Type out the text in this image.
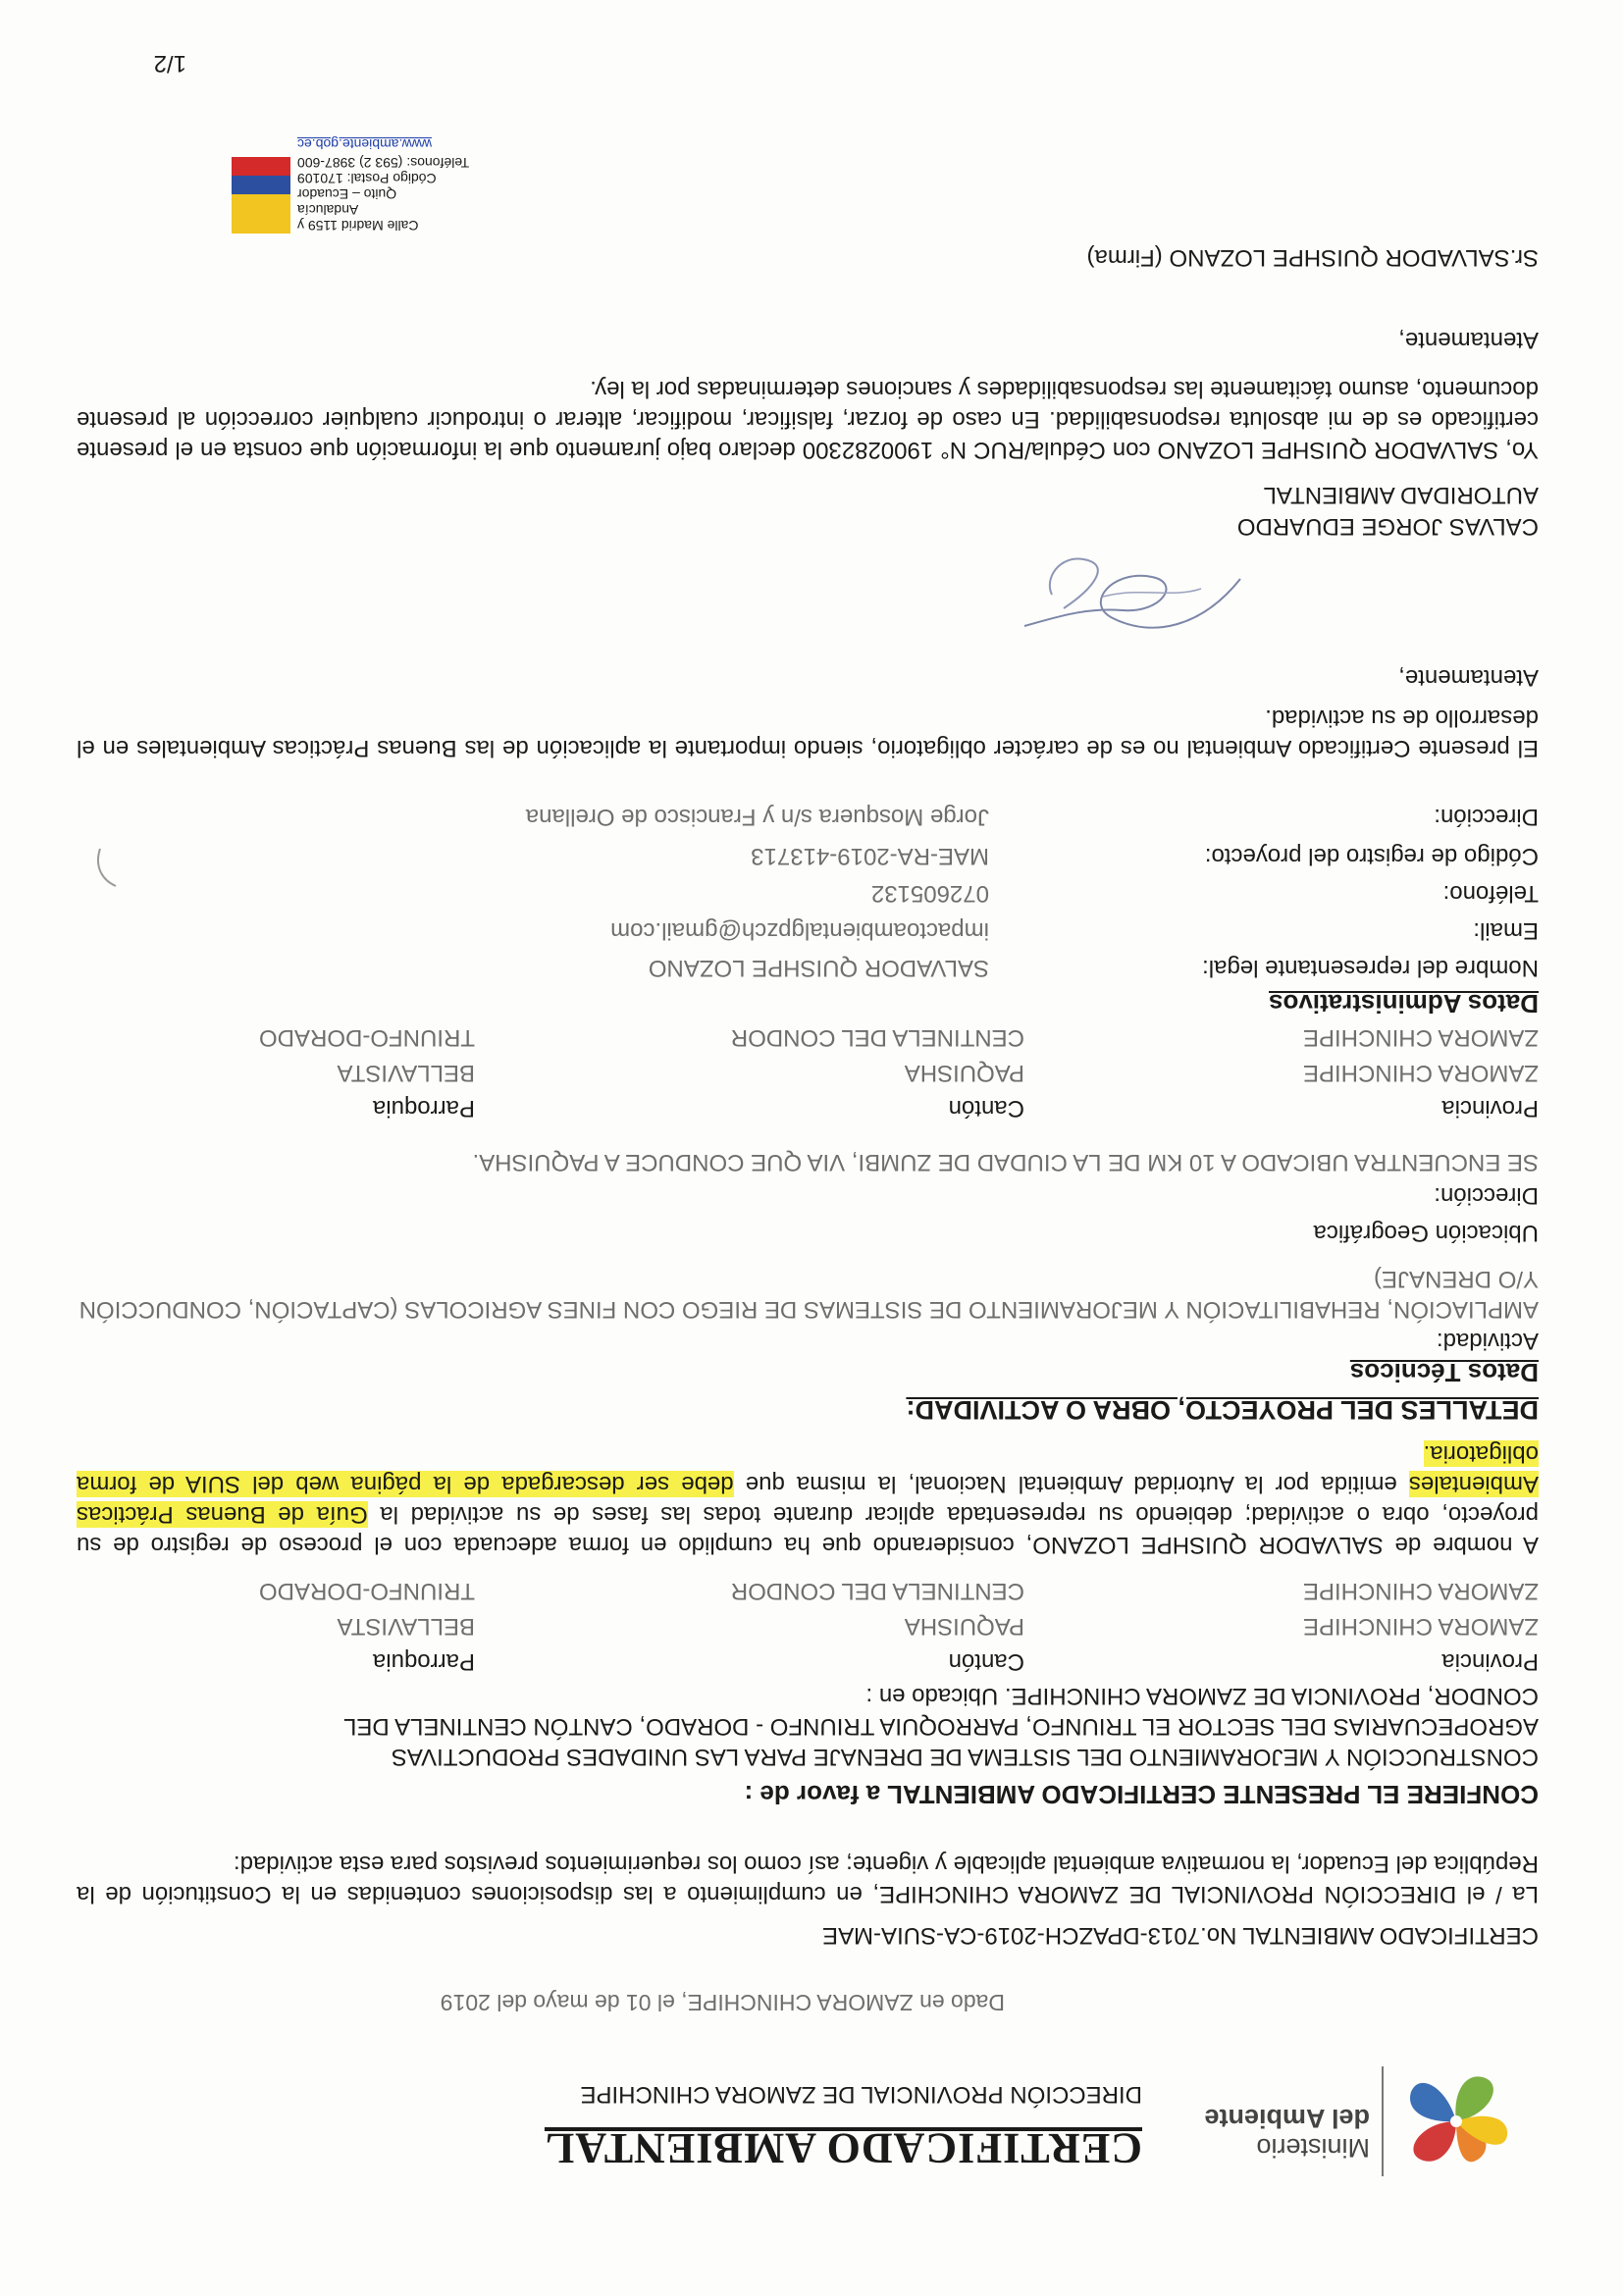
Ministerio
del Ambiente
CERTIFICADO AMBIENTAL
DIRECCIÓN PROVINCIAL DE ZAMORA CHINCHIPE
Dado en ZAMORA CHINCHIPE, el 01 de mayo del 2019
CERTIFICADO AMBIENTAL No.7013-DPAZCH-2019-CA-SUIA-MAE
La / el DIRECCIÓN PROVINCIAL DE ZAMORA CHINCHIPE, en cumplimiento a las disposiciones contenidas en la Constitución de la República del Ecuador, la normativa ambiental aplicable y vigente; así como los requerimientos previstos para esta actividad:
CONFIERE EL PRESENTE CERTIFICADO AMBIENTAL a favor de :
CONSTRUCCIÓN Y MEJORAMIENTO DEL SISTEMA DE DRENAJE PARA LAS UNIDADES PRODUCTIVAS AGROPECUARIAS DEL SECTOR EL TRIUNFO, PARROQUIA TRIUNFO - DORADO, CANTÓN CENTINELA DEL CONDOR, PROVINCIA DE ZAMORA CHINCHIPE. Ubicado en :
Provincia
Cantón
Parroquia
ZAMORA CHINCHIPE
PAQUISHA
BELLAVISTA
ZAMORA CHINCHIPE
CENTINELA DEL CONDOR
TRIUNFO-DORADO
A nombre de SALVADOR QUISHPE LOZANO, considerando que ha cumplido en forma adecuada con el proceso de registro de su proyecto, obra o actividad; debiendo su representada aplicar durante todas las fases de su actividad la Guía de Buenas Prácticas Ambientales emitida por la Autoridad Ambiental Nacional, la misma que debe ser descargada de la página web del SUIA de forma obligatoria.
DETALLES DEL PROYECTO, OBRA O ACTIVIDAD:
Datos Técnicos
Actividad:
AMPLIACIÓN, REHABILITACIÓN Y MEJORAMIENTO DE SISTEMAS DE RIEGO CON FINES AGRICOLAS (CAPTACIÓN, CONDUCCIÓN Y/O DRENAJE)
Ubicación Geográfica
Dirección:
SE ENCUENTRA UBICADO A 10 KM DE LA CIUDAD DE ZUMBI, VIA QUE CONDUCE A PAQUISHA.
Provincia
Cantón
Parroquia
ZAMORA CHINCHIPE
PAQUISHA
BELLAVISTA
ZAMORA CHINCHIPE
CENTINELA DEL CONDOR
TRIUNFO-DORADO
Datos Administrativos
Nombre del representante legal:
SALVADOR QUISHPE LOZANO
Email:
impactoambientalgpzch@gmail.com
Teléfono:
072605132
Código de registro del proyecto:
MAE-RA-2019-413713
Dirección:
Jorge Mosquera s/n y Francisco de Orellana
El presente Certificado Ambiental no es de carácter obligatorio, siendo importante la aplicación de las Buenas Prácticas Ambientales en el desarrollo de su actividad.
Atentamente,
CALVAS JORGE EDUARDO
AUTORIDAD AMBIENTAL
Yo, SALVADOR QUISHPE LOZANO con Cédula/RUC N° 1900282300 declaro bajo juramento que la información que consta en el presente certificado es de mi absoluta responsabilidad. En caso de forzar, falsificar, modificar, alterar o introducir cualquier corrección al presente documento, asumo tácitamente las responsabilidades y sanciones determinadas por la ley.
Atentamente,
Sr.SALVADOR QUISHPE LOZANO (Firma)
Calle Madrid 1159 y Andalucía
Quito – Ecuador
Código Postal: 170109
Teléfonos: (593 2) 3987-600
www.ambiente.gob.ec
1/2
